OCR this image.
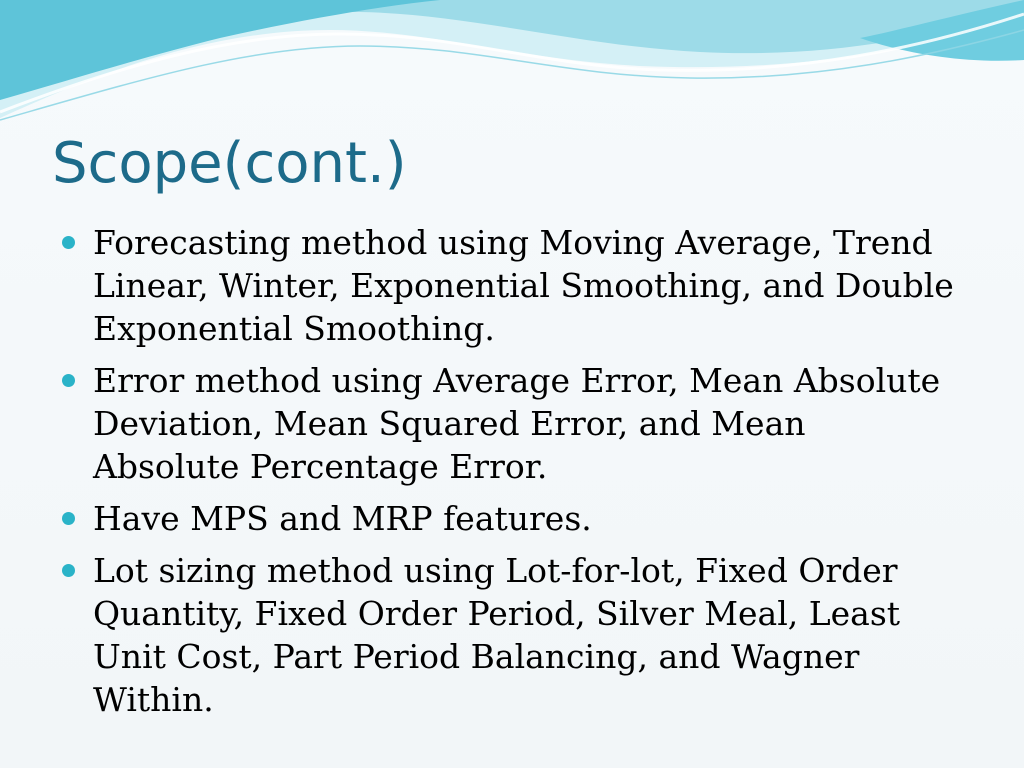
Scope(cont.)
Forecasting method using Moving Average, Trend Linear, Winter, Exponential Smoothing, and Double Exponential Smoothing.
Error method using Average Error, Mean Absolute Deviation, Mean Squared Error, and Mean Absolute Percentage Error.
Have MPS and MRP features.
Lot sizing method using Lot-for-lot, Fixed Order Quantity, Fixed Order Period, Silver Meal, Least Unit Cost, Part Period Balancing, and Wagner Within.
